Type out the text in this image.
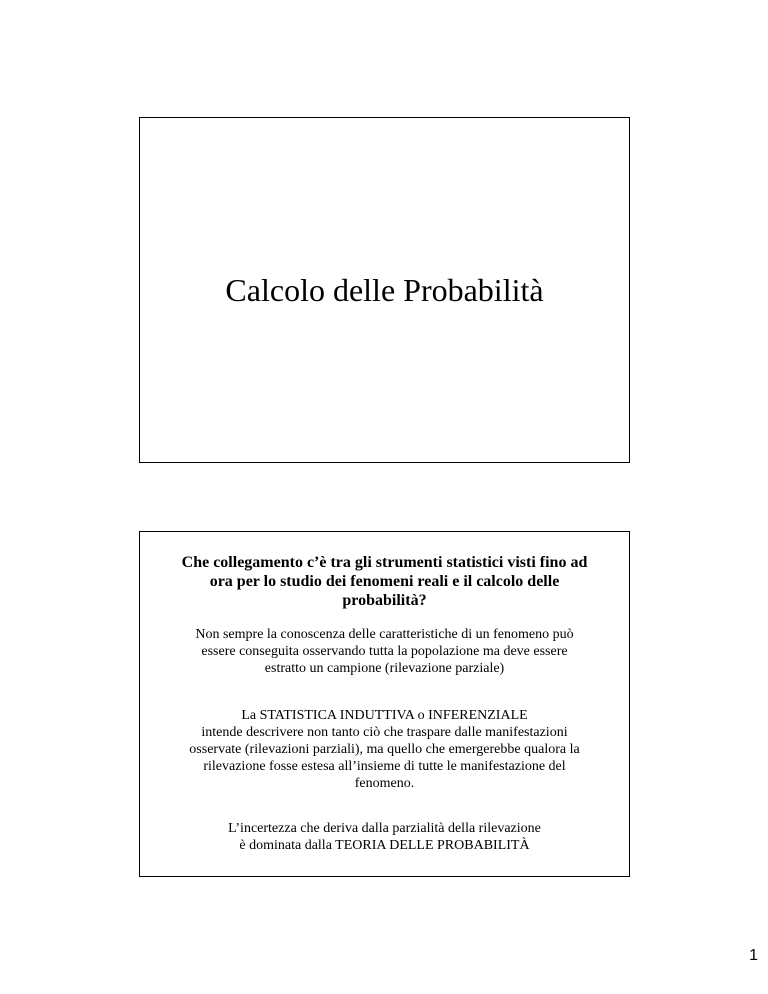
Calcolo delle Probabilità
Che collegamento c’è tra gli strumenti statistici visti fino ad
ora per lo studio dei fenomeni reali e il calcolo delle
probabilità?
Non sempre la conoscenza delle caratteristiche di un fenomeno può
essere conseguita osservando tutta la popolazione ma deve essere
estratto un campione (rilevazione parziale)
La STATISTICA INDUTTIVA o INFERENZIALE
intende descrivere non tanto ciò che traspare dalle manifestazioni
osservate (rilevazioni parziali), ma quello che emergerebbe qualora la
rilevazione fosse estesa all’insieme di tutte le manifestazione del
fenomeno.
L’incertezza che deriva dalla parzialità della rilevazione
è dominata dalla TEORIA DELLE PROBABILITÀ
1
